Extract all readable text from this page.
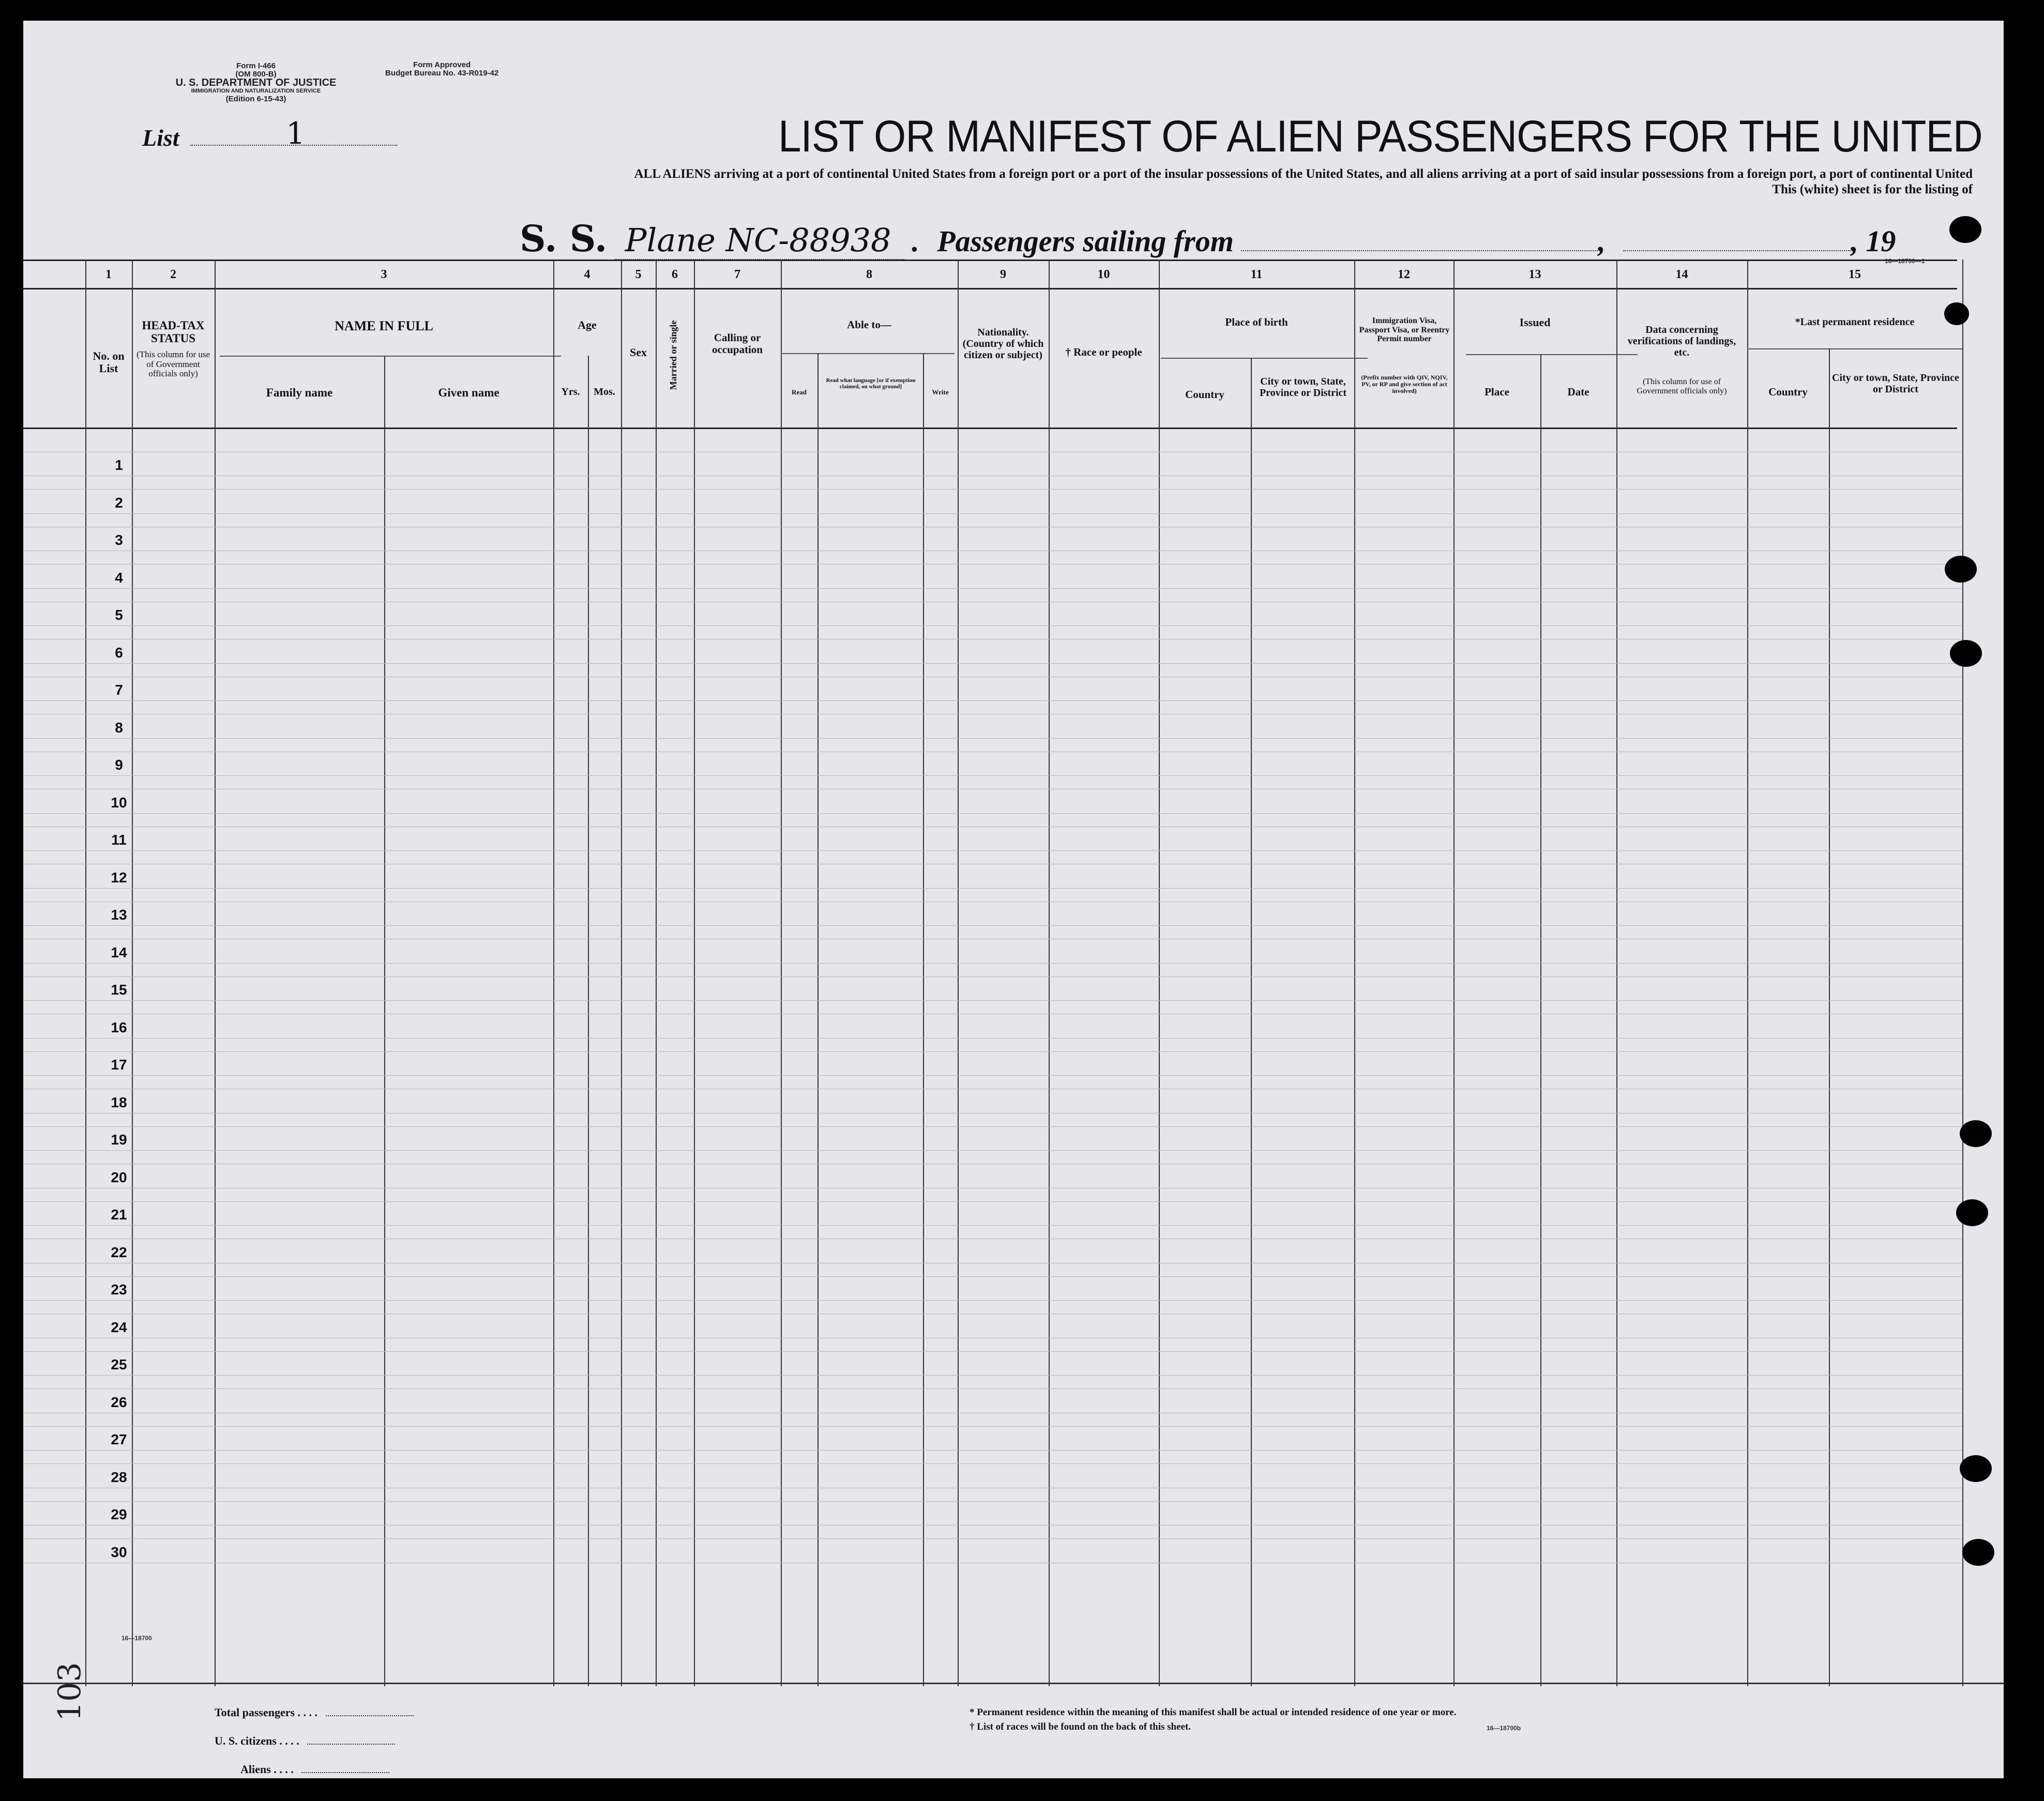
Form I-466
(OM 800-B)
U. S. DEPARTMENT OF JUSTICE
IMMIGRATION AND NATURALIZATION SERVICE
(Edition 6-15-43)
Form Approved
Budget Bureau No. 43-R019-42
List	1	LIST OR MANIFEST OF ALIEN PASSENGERS FOR THE UNITED
ALL ALIENS arriving at a port of continental United States from a foreign port or a port of the insular possessions of the United States, and all aliens arriving at a port of said insular possessions from a foreign port, a port of continental United
This (white) sheet is for the listing of
S. S. Plane NC-88938 . Passengers sailing from	,	, 19
16—18700—1
1	2	3	4	5	6	7	8	9	10	11	12	13	14	15
No. on List
HEAD-TAX STATUS
(This column for use of Government officials only)
NAME IN FULL
Family name	Given name
Age
Yrs.	Mos.
Sex	Married or single	Calling or occupation
Able to—
Read
Read what language [or if exemption claimed, on what ground]
Write
Nationality. (Country of which citizen or subject)	† Race or people
Place of birth
Country
City or town, State, Province or District
Immigration Visa, Passport Visa, or Reentry Permit number
(Prefix number with QIV, NQIV, PV, or RP and give section of act involved)
Issued
Place	Date
Data concerning verifications of landings, etc.
(This column for use of Government officials only)
*Last permanent residence
Country
City or town, State, Province or District
1
2
3
4
5
6
7
8
9
10
11
12
13
14
15
16
17
18
19
20
21
22
23
24
25
26
27
28
29
30
16—18700
Total passengers . . . .
U. S. citizens . . . .
Aliens . . . .
* Permanent residence within the meaning of this manifest shall be actual or intended residence of one year or more.
† List of races will be found on the back of this sheet.	16—18700b
103
